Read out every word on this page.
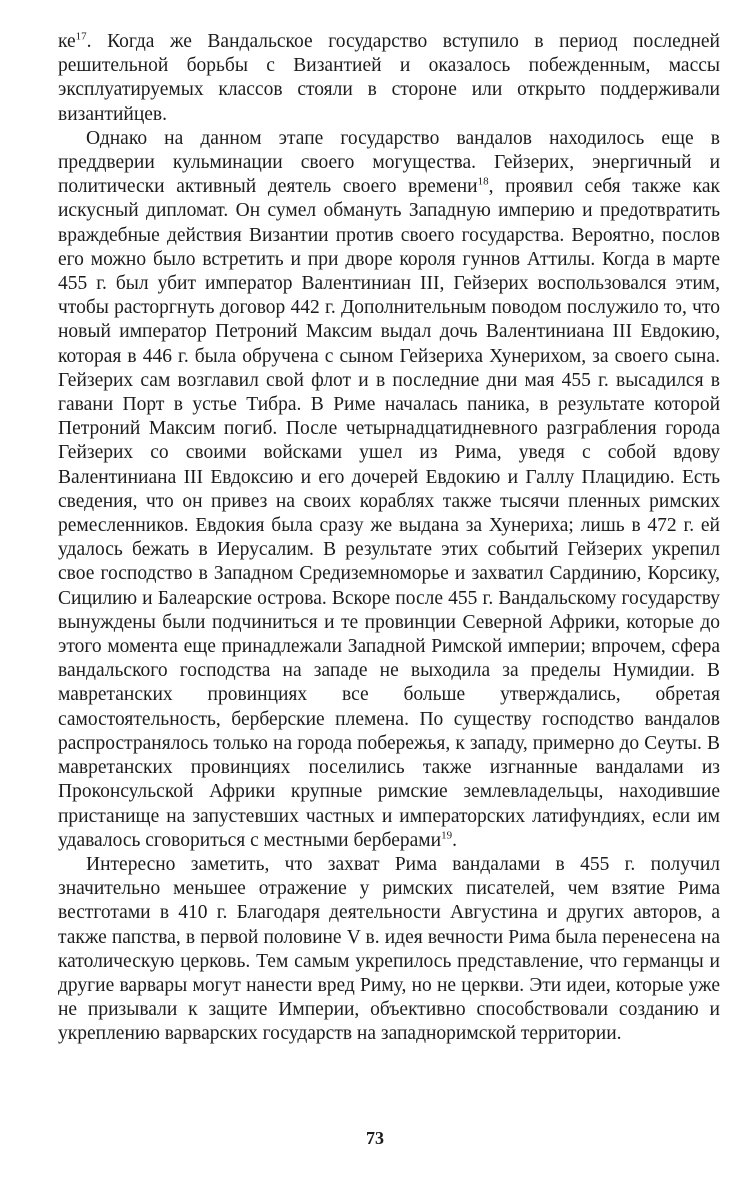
$ке^{17}$. Когда же Вандальское государство вступило в период последней решительной борьбы с Византией и оказалось побежденным, массы эксплуатируемых классов стояли в стороне или открыто поддерживали византийцев.

Однако на данном этапе государство вандалов находилось еще в преддверии кульминации своего могущества. Гейзерих, энергичный и политически активный деятель своего времени$^{18}$, проявил себя также как искусный дипломат. Он сумел обмануть Западную империю и предотвратить враждебные действия Византии против своего государства. Вероятно, послов его можно было встретить и при дворе короля гуннов Аттилы. Когда в марте 455 г. был убит император Валентиниан III, Гейзерих воспользовался этим, чтобы расторгнуть договор 442 г. Дополнительным поводом послужило то, что новый император Петроний Максим выдал дочь Валентиниана III Евдокию, которая в 446 г. была обручена с сыном Гейзериха Хунерихом, за своего сына. Гейзерих сам возглавил свой флот и в последние дни мая 455 г. высадился в гавани Порт в устье Тибра. В Риме началась паника, в результате которой Петроний Максим погиб. После четырнадцатидневного разграбления города Гейзерих со своими войсками ушел из Рима, уведя с собой вдову Валентиниана III Евдоксию и его дочерей Евдокию и Галлу Плацидию. Есть сведения, что он привез на своих кораблях также тысячи пленных римских ремесленников. Евдокия была сразу же выдана за Хунериха; лишь в 472 г. ей удалось бежать в Иерусалим. В результате этих событий Гейзерих укрепил свое господство в Западном Средиземноморье и захватил Сардинию, Корсику, Сицилию и Балеарские острова. Вскоре после 455 г. Вандальскому государству вынуждены были подчиниться и те провинции Северной Африки, которые до этого момента еще принадлежали Западной Римской империи; впрочем, сфера вандальского господства на западе не выходила за пределы Нумидии. В мавретанских провинциях все больше утверждались, обретая самостоятельность, берберские племена. По существу господство вандалов распространялось только на города побережья, к западу, примерно до Сеуты. В мавретанских провинциях поселились также изгнанные вандалами из Проконсульской Африки крупные римские землевладельцы, находившие пристанище на запустевших частных и императорских латифундиях, если им удавалось сговориться с местными берберами$^{19}$.

Интересно заметить, что захват Рима вандалами в 455 г. получил значительно меньшее отражение у римских писателей, чем взятие Рима вестготами в 410 г. Благодаря деятельности Августина и других авторов, а также папства, в первой половине V в. идея вечности Рима была перенесена на католическую церковь. Тем самым укрепилось представление, что германцы и другие варвары могут нанести вред Риму, но не церкви. Эти идеи, которые уже не призывали к защите Империи, объективно способствовали созданию и укреплению варварских государств на западноримской территории.

73
